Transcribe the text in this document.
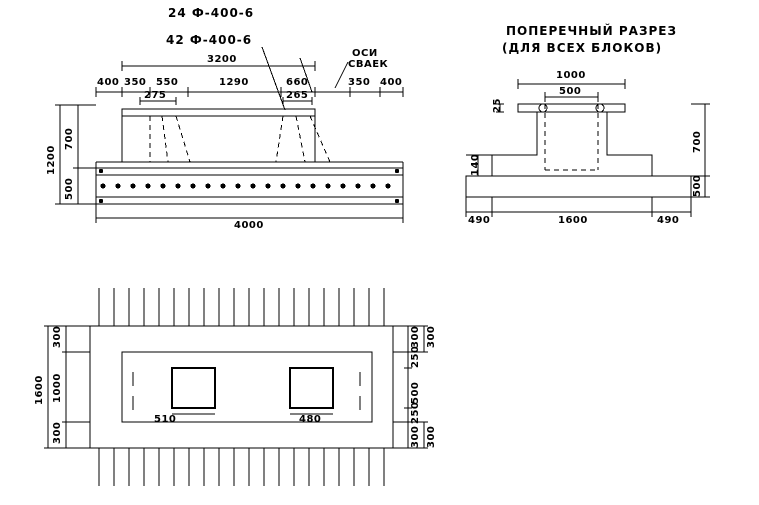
24 Ф-400-6
42 Ф-400-6
ОСИ
СВАЕК
ПОПЕРЕЧНЫЙ РАЗРЕЗ
(ДЛЯ ВСЕХ БЛОКОВ)
3200
400 350 550	1290	660	350 400
275	265
1200
700
500
4000
1000
500
25
140
700
500
490	1600	490
1600
300
1000
300
300
250
500
250
300
300
300
510	480
